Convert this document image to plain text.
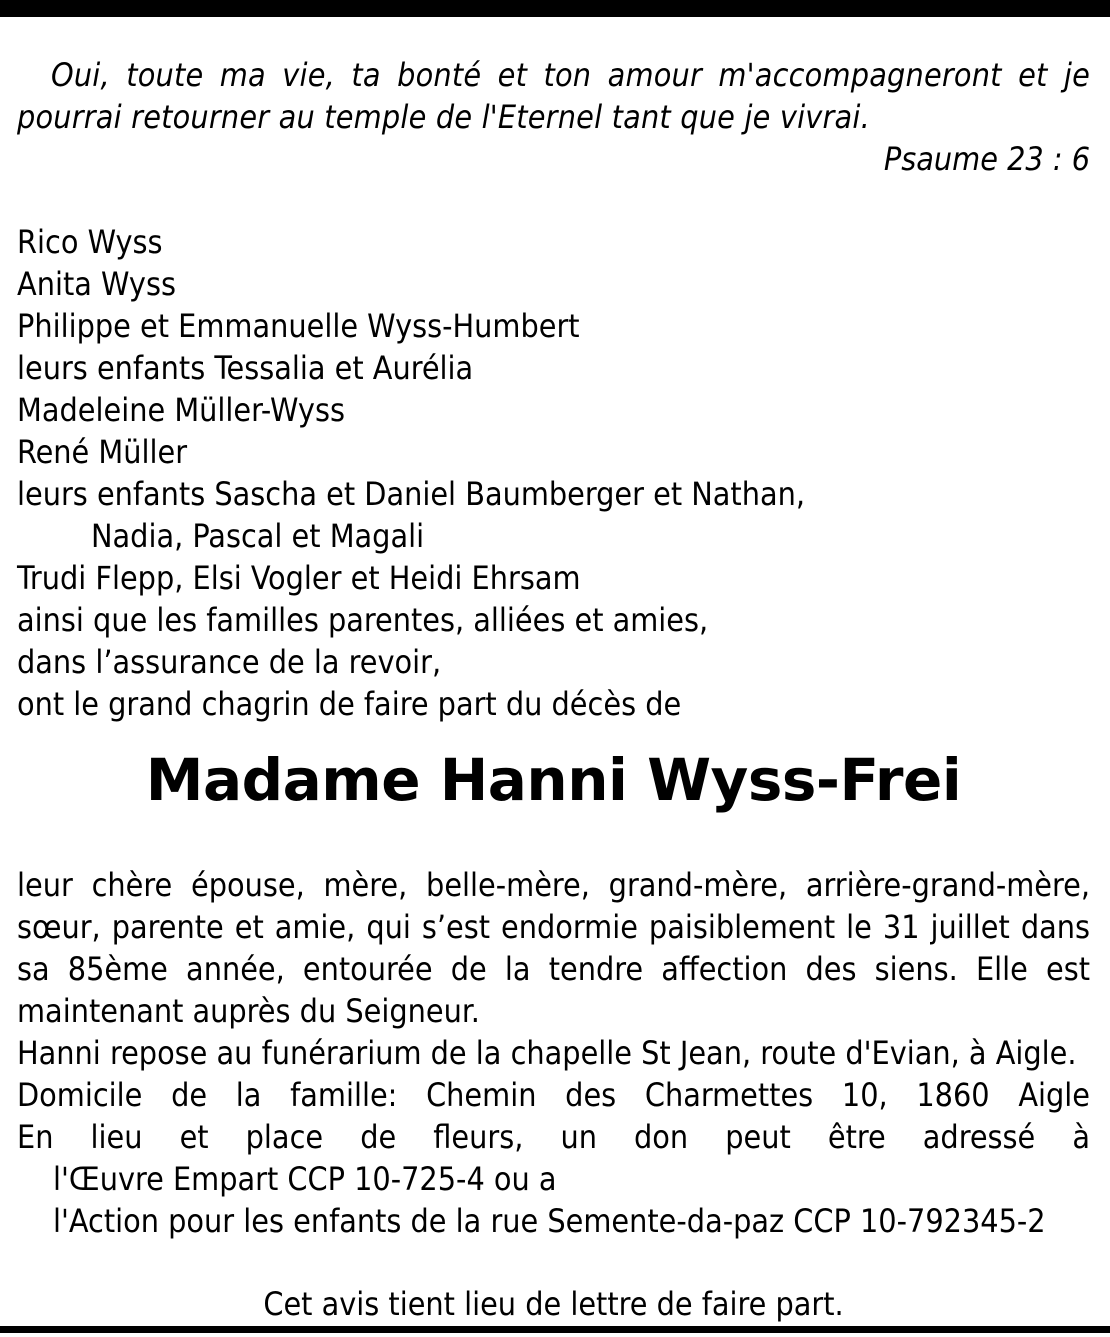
Oui, toute ma vie, ta bonté et ton amour m'accompagneront et je pourrai retourner au temple de l'Eternel tant que je vivrai.
Psaume 23 : 6
Rico Wyss
Anita Wyss
Philippe et Emmanuelle Wyss-Humbert
leurs enfants Tessalia et Aurélia
Madeleine Müller-Wyss
René Müller
leurs enfants Sascha et Daniel Baumberger et Nathan,
Nadia, Pascal et Magali
Trudi Flepp, Elsi Vogler et Heidi Ehrsam
ainsi que les familles parentes, alliées et amies,
dans l’assurance de la revoir,
ont le grand chagrin de faire part du décès de
Madame Hanni Wyss-Frei

leur chère épouse, mère, belle-mère, grand-mère, arrière-grand-mère, sœur, parente et amie, qui s’est endormie paisiblement le 31 juillet dans sa 85ème année, entourée de la tendre affection des siens. Elle est maintenant auprès du Seigneur.

Hanni repose au funérarium de la chapelle St Jean, route d'Evian, à Aigle.

Domicile de la famille: Chemin des Charmettes 10, 1860 Aigle

En lieu et place de fleurs, un don peut être adressé à

l'Œuvre Empart CCP 10-725-4 ou a

l'Action pour les enfants de la rue Semente-da-paz CCP 10-792345-2

Cet avis tient lieu de lettre de faire part.
